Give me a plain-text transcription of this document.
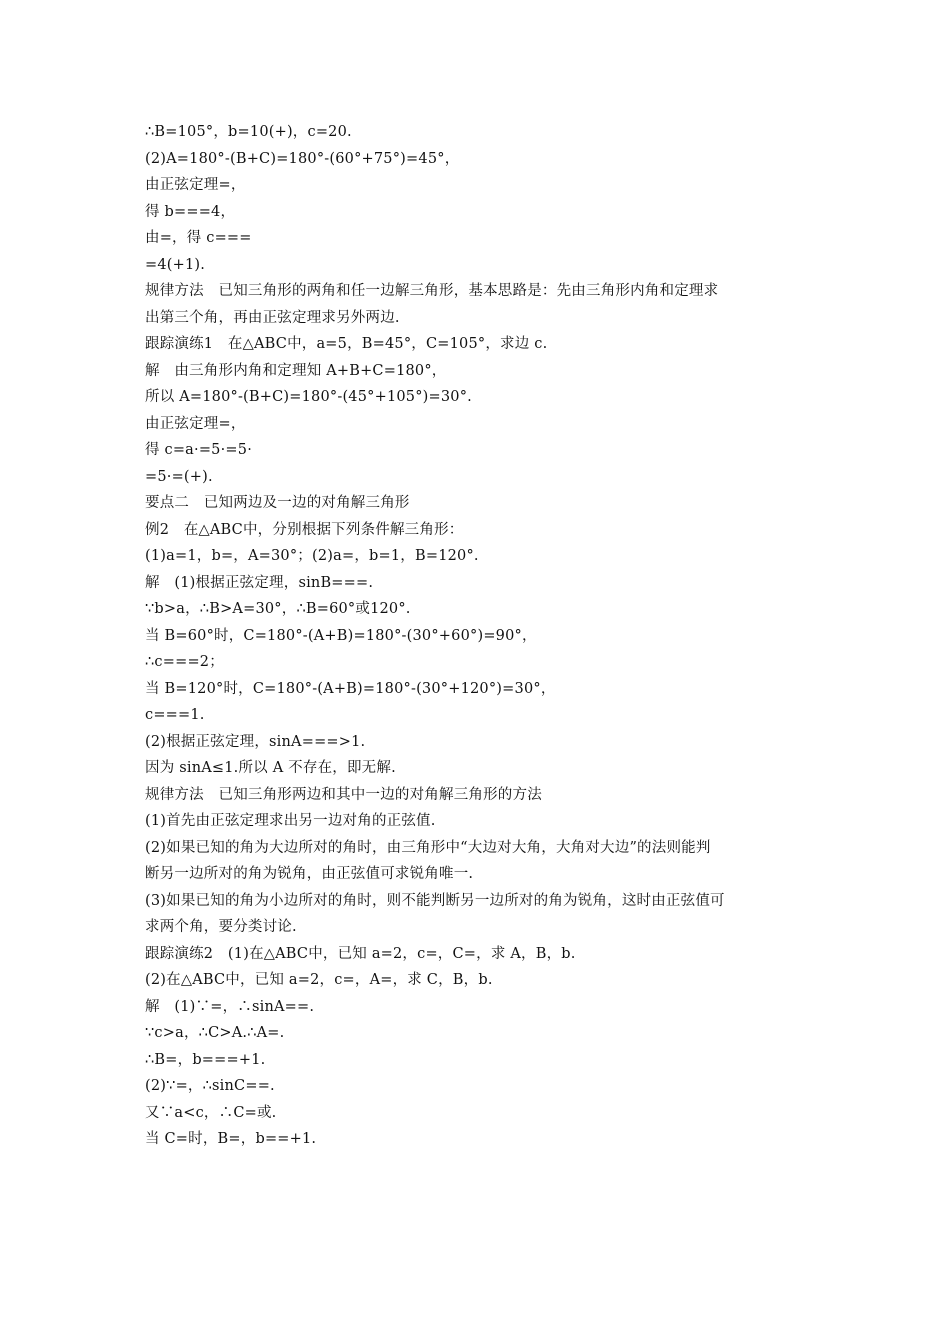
∴B=105°，b=10(+)，c=20.
(2)A=180°-(B+C)=180°-(60°+75°)=45°，
由正弦定理=，
得 b===4，
由=，得 c===
=4(+1).
规律方法　已知三角形的两角和任一边解三角形，基本思路是：先由三角形内角和定理求
出第三个角，再由正弦定理求另外两边.
跟踪演练1　在△ABC中，a=5，B=45°，C=105°，求边 c.
解　由三角形内角和定理知 A+B+C=180°，
所以 A=180°-(B+C)=180°-(45°+105°)=30°.
由正弦定理=，
得 c=a·=5·=5·
=5·=(+).
要点二　已知两边及一边的对角解三角形
例2　在△ABC中，分别根据下列条件解三角形：
(1)a=1，b=，A=30°；(2)a=，b=1，B=120°.
解　(1)根据正弦定理，sinB===.
∵b>a，∴B>A=30°，∴B=60°或120°.
当 B=60°时，C=180°-(A+B)=180°-(30°+60°)=90°，
∴c===2；
当 B=120°时，C=180°-(A+B)=180°-(30°+120°)=30°，
c===1.
(2)根据正弦定理，sinA===>1.
因为 sinA≤1.所以 A 不存在，即无解.
规律方法　已知三角形两边和其中一边的对角解三角形的方法
(1)首先由正弦定理求出另一边对角的正弦值.
(2)如果已知的角为大边所对的角时，由三角形中“大边对大角，大角对大边”的法则能判
断另一边所对的角为锐角，由正弦值可求锐角唯一.
(3)如果已知的角为小边所对的角时，则不能判断另一边所对的角为锐角，这时由正弦值可
求两个角，要分类讨论.
跟踪演练2　(1)在△ABC中，已知 a=2，c=，C=，求 A，B，b.
(2)在△ABC中，已知 a=2，c=，A=，求 C，B，b.
解　(1)∵=，∴sinA==.
∵c>a，∴C>A.∴A=.
∴B=，b===+1.
(2)∵=，∴sinC==.
又∵a<c，∴C=或.
当 C=时，B=，b==+1.
